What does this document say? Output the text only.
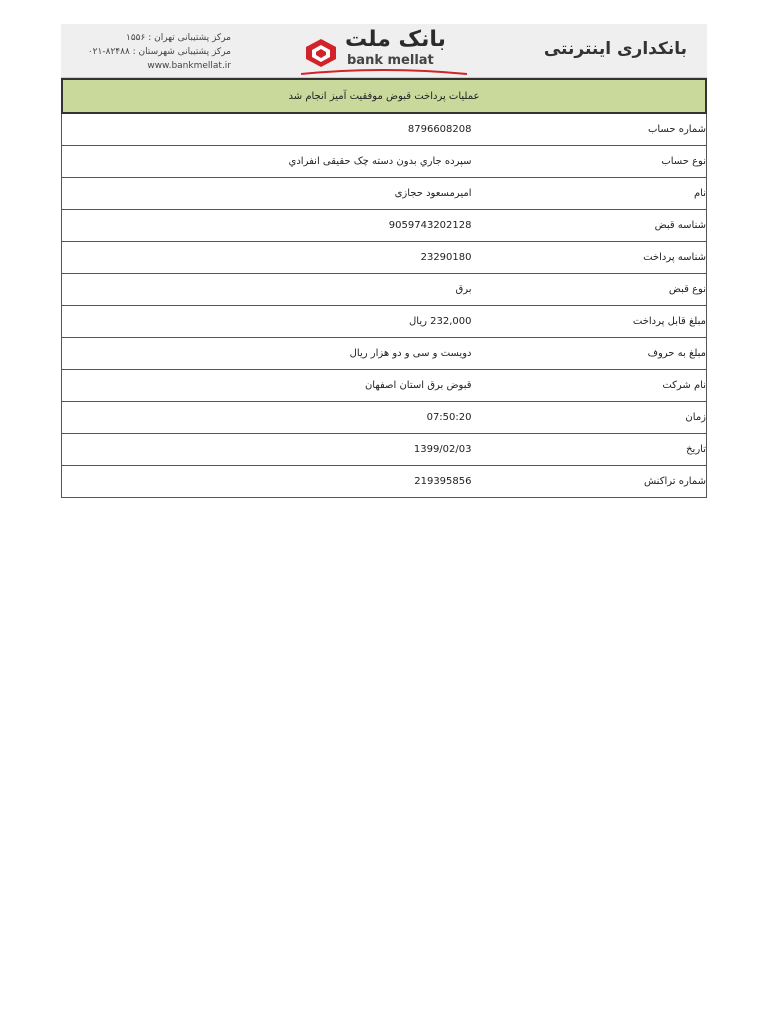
مرکز پشتیبانی تهران : ۱۵۵۶
مرکز پشتیبانی شهرستان : ۸۲۴۸۸-۰۲۱
www.bankmellat.ir
بانک ملت
bank mellat
بانکداری اینترنتی
عملیات پرداخت قبوض موفقیت آمیز انجام شد
8796608208	شماره حساب
سپرده جاري بدون دسته چک حقیقی انفرادي	نوع حساب
امیرمسعود حجازی	نام
9059743202128	شناسه قبض
23290180	شناسه پرداخت
برق	نوع قبض
232,000 ریال	مبلغ قابل پرداخت
دویست و سی و دو هزار ریال	مبلغ به حروف
قبوض برق استان اصفهان	نام شرکت
07:50:20	زمان
1399/02/03	تاریخ
219395856	شماره تراکنش
